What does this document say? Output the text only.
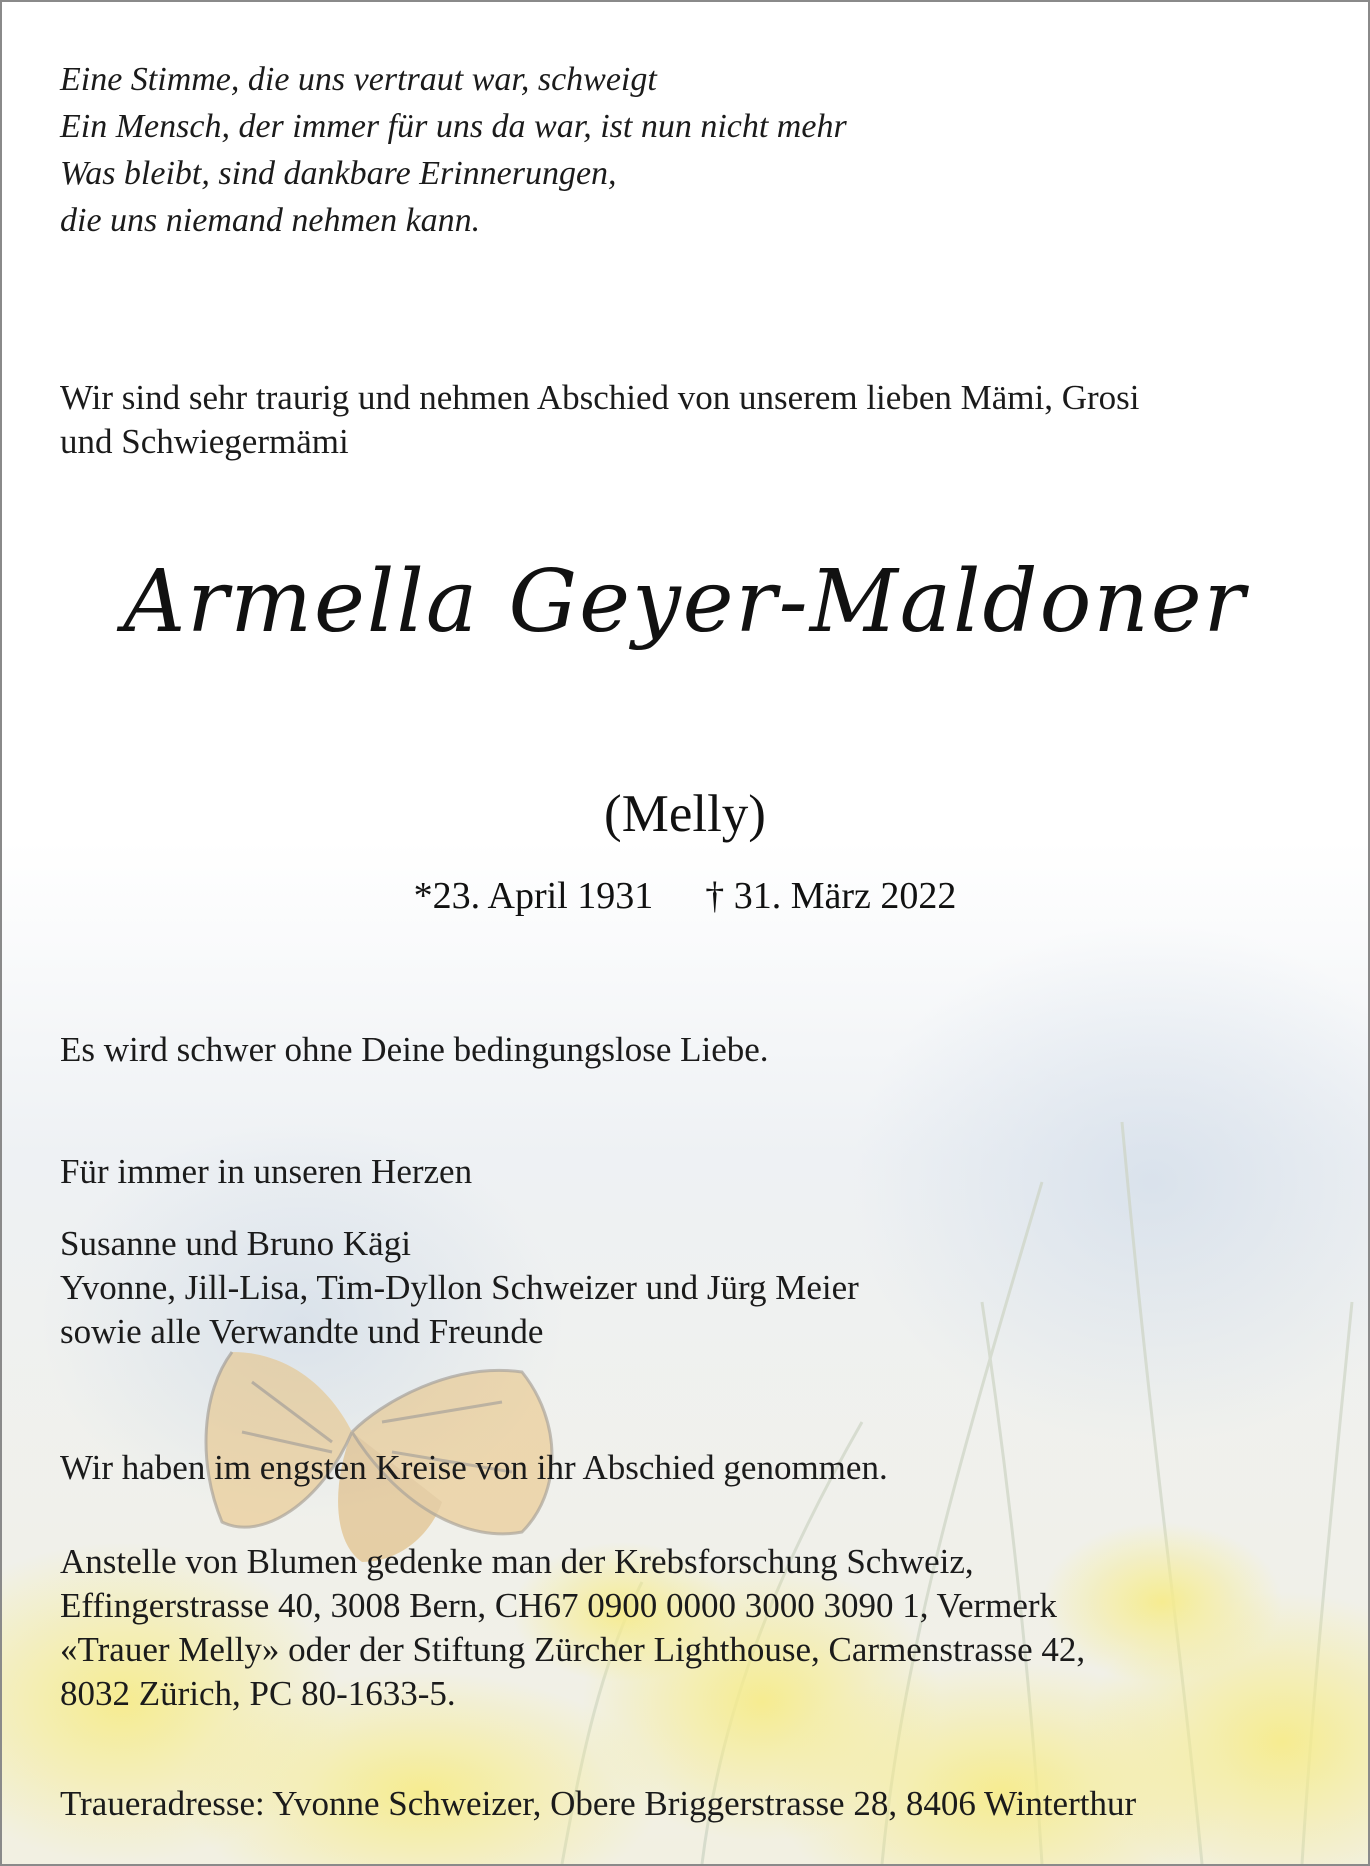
Eine Stimme, die uns vertraut war, schweigt
Ein Mensch, der immer für uns da war, ist nun nicht mehr
Was bleibt, sind dankbare Erinnerungen,
die uns niemand nehmen kann.
Wir sind sehr traurig und nehmen Abschied von unserem lieben Mämi, Grosi
und Schwiegermämi
Armella Geyer-Maldoner
(Melly)
*23. April 1931 † 31. März 2022
Es wird schwer ohne Deine bedingungslose Liebe.
Für immer in unseren Herzen
Susanne und Bruno Kägi
Yvonne, Jill-Lisa, Tim-Dyllon Schweizer und Jürg Meier
sowie alle Verwandte und Freunde
Wir haben im engsten Kreise von ihr Abschied genommen.
Anstelle von Blumen gedenke man der Krebsforschung Schweiz,
Effingerstrasse 40, 3008 Bern, CH67 0900 0000 3000 3090 1, Vermerk
«Trauer Melly» oder der Stiftung Zürcher Lighthouse, Carmenstrasse 42,
8032 Zürich, PC 80-1633-5.
Traueradresse: Yvonne Schweizer, Obere Briggerstrasse 28, 8406 Winterthur
